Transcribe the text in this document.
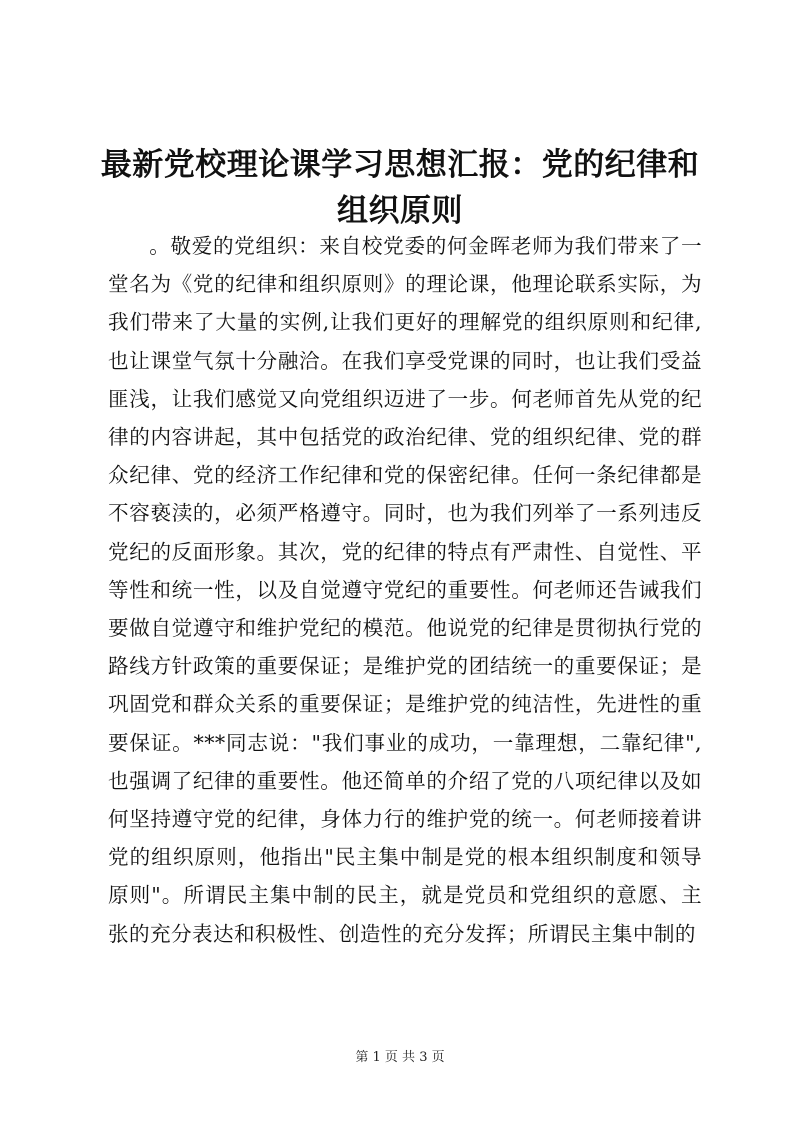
最新党校理论课学习思想汇报：党的纪律和组织原则

。敬爱的党组织：来自校党委的何金晖老师为我们带来了一堂名为《党的纪律和组织原则》的理论课，他理论联系实际，为我们带来了大量的实例,让我们更好的理解党的组织原则和纪律,也让课堂气氛十分融洽。在我们享受党课的同时，也让我们受益匪浅，让我们感觉又向党组织迈进了一步。何老师首先从党的纪律的内容讲起，其中包括党的政治纪律、党的组织纪律、党的群众纪律、党的经济工作纪律和党的保密纪律。任何一条纪律都是不容亵渎的，必须严格遵守。同时，也为我们列举了一系列违反党纪的反面形象。其次，党的纪律的特点有严肃性、自觉性、平等性和统一性，以及自觉遵守党纪的重要性。何老师还告诫我们要做自觉遵守和维护党纪的模范。他说党的纪律是贯彻执行党的路线方针政策的重要保证；是维护党的团结统一的重要保证；是巩固党和群众关系的重要保证；是维护党的纯洁性，先进性的重要保证。***同志说："我们事业的成功，一靠理想，二靠纪律",也强调了纪律的重要性。他还简单的介绍了党的八项纪律以及如何坚持遵守党的纪律，身体力行的维护党的统一。何老师接着讲党的组织原则，他指出"民主集中制是党的根本组织制度和领导原则"。所谓民主集中制的民主，就是党员和党组织的意愿、主张的充分表达和积极性、创造性的充分发挥；所谓民主集中制的

第 1 页 共 3 页
